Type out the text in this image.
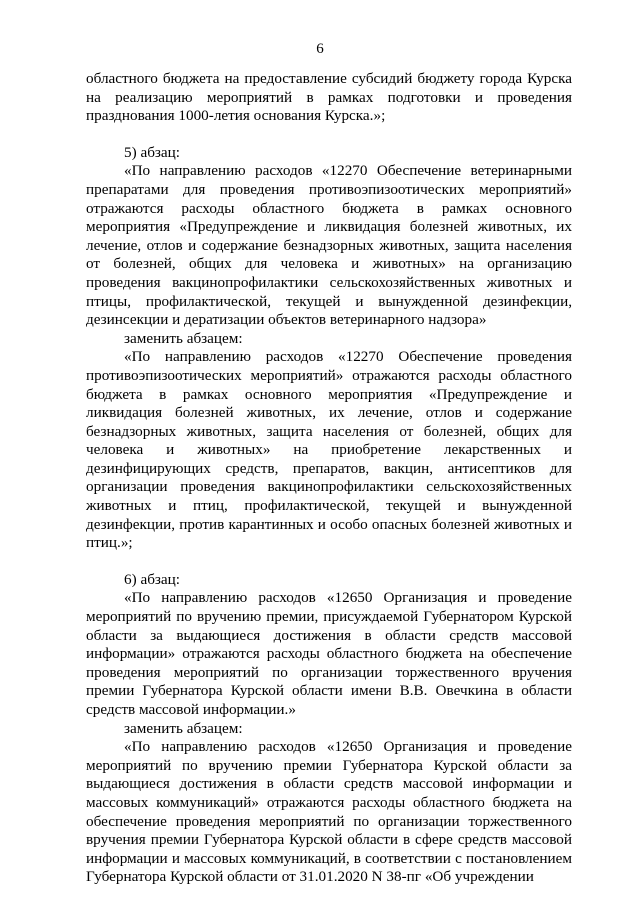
6

областного бюджета на предоставление субсидий бюджету города Курска на реализацию мероприятий в рамках подготовки и проведения празднования 1000-летия основания Курска.»;

5) абзац:

«По направлению расходов «12270 Обеспечение ветеринарными препаратами для проведения противоэпизоотических мероприятий» отражаются расходы областного бюджета в рамках основного мероприятия «Предупреждение и ликвидация болезней животных, их лечение, отлов и содержание безнадзорных животных, защита населения от болезней, общих для человека и животных» на организацию проведения вакцинопрофилактики сельскохозяйственных животных и птицы, профилактической, текущей и вынужденной дезинфекции, дезинсекции и дератизации объектов ветеринарного надзора»

заменить абзацем:

«По направлению расходов «12270 Обеспечение проведения противоэпизоотических мероприятий» отражаются расходы областного бюджета в рамках основного мероприятия «Предупреждение и ликвидация болезней животных, их лечение, отлов и содержание безнадзорных животных, защита населения от болезней, общих для человека и животных» на приобретение лекарственных и дезинфицирующих средств, препаратов, вакцин, антисептиков для организации проведения вакцинопрофилактики сельскохозяйственных животных и птиц, профилактической, текущей и вынужденной дезинфекции, против карантинных и особо опасных болезней животных и птиц.»;

6) абзац:

«По направлению расходов «12650 Организация и проведение мероприятий по вручению премии, присуждаемой Губернатором Курской области за выдающиеся достижения в области средств массовой информации» отражаются расходы областного бюджета на обеспечение проведения мероприятий по организации торжественного вручения премии Губернатора Курской области имени В.В. Овечкина в области средств массовой информации.»

заменить абзацем:

«По направлению расходов «12650 Организация и проведение мероприятий по вручению премии Губернатора Курской области за выдающиеся достижения в области средств массовой информации и массовых коммуникаций» отражаются расходы областного бюджета на обеспечение проведения мероприятий по организации торжественного вручения премии Губернатора Курской области в сфере средств массовой информации и массовых коммуникаций, в соответствии с постановлением Губернатора Курской области от 31.01.2020 N 38-пг «Об учреждении
